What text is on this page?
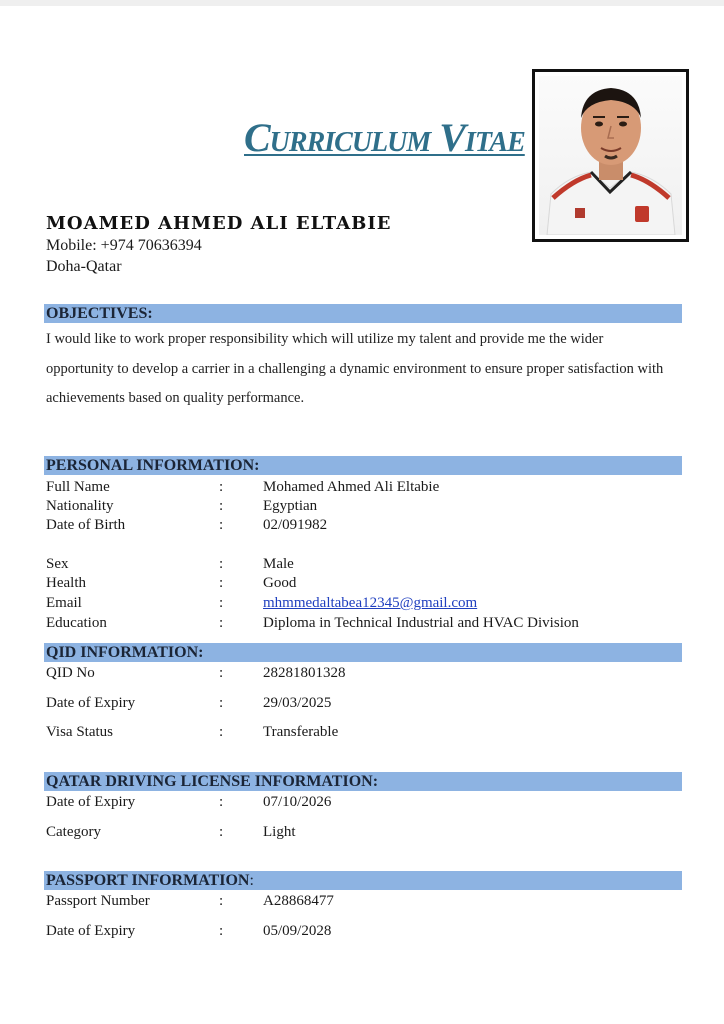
Curriculum Vitae
MOAMED AHMED ALI ELTABIE
Mobile: +974 70636394
Doha-Qatar
OBJECTIVES:
I would like to work proper responsibility which will utilize my talent and provide me the wider opportunity to develop a carrier in a challenging a dynamic environment to ensure proper satisfaction with achievements based on quality performance.
PERSONAL INFORMATION:
Full Name	:	Mohamed Ahmed Ali Eltabie
Nationality	:	Egyptian
Date of Birth	:	02/091982
Sex	:	Male
Health	:	Good
Email	:	mhmmedaltabea12345@gmail.com
Education	:	Diploma in Technical Industrial and HVAC Division
QID INFORMATION:
QID No	:	28281801328
Date of Expiry	:	29/03/2025
Visa Status	:	Transferable
QATAR DRIVING LICENSE INFORMATION:
Date of Expiry	:	07/10/2026
Category	:	Light
PASSPORT INFORMATION:
Passport Number	:	A28868477
Date of Expiry	:	05/09/2028
